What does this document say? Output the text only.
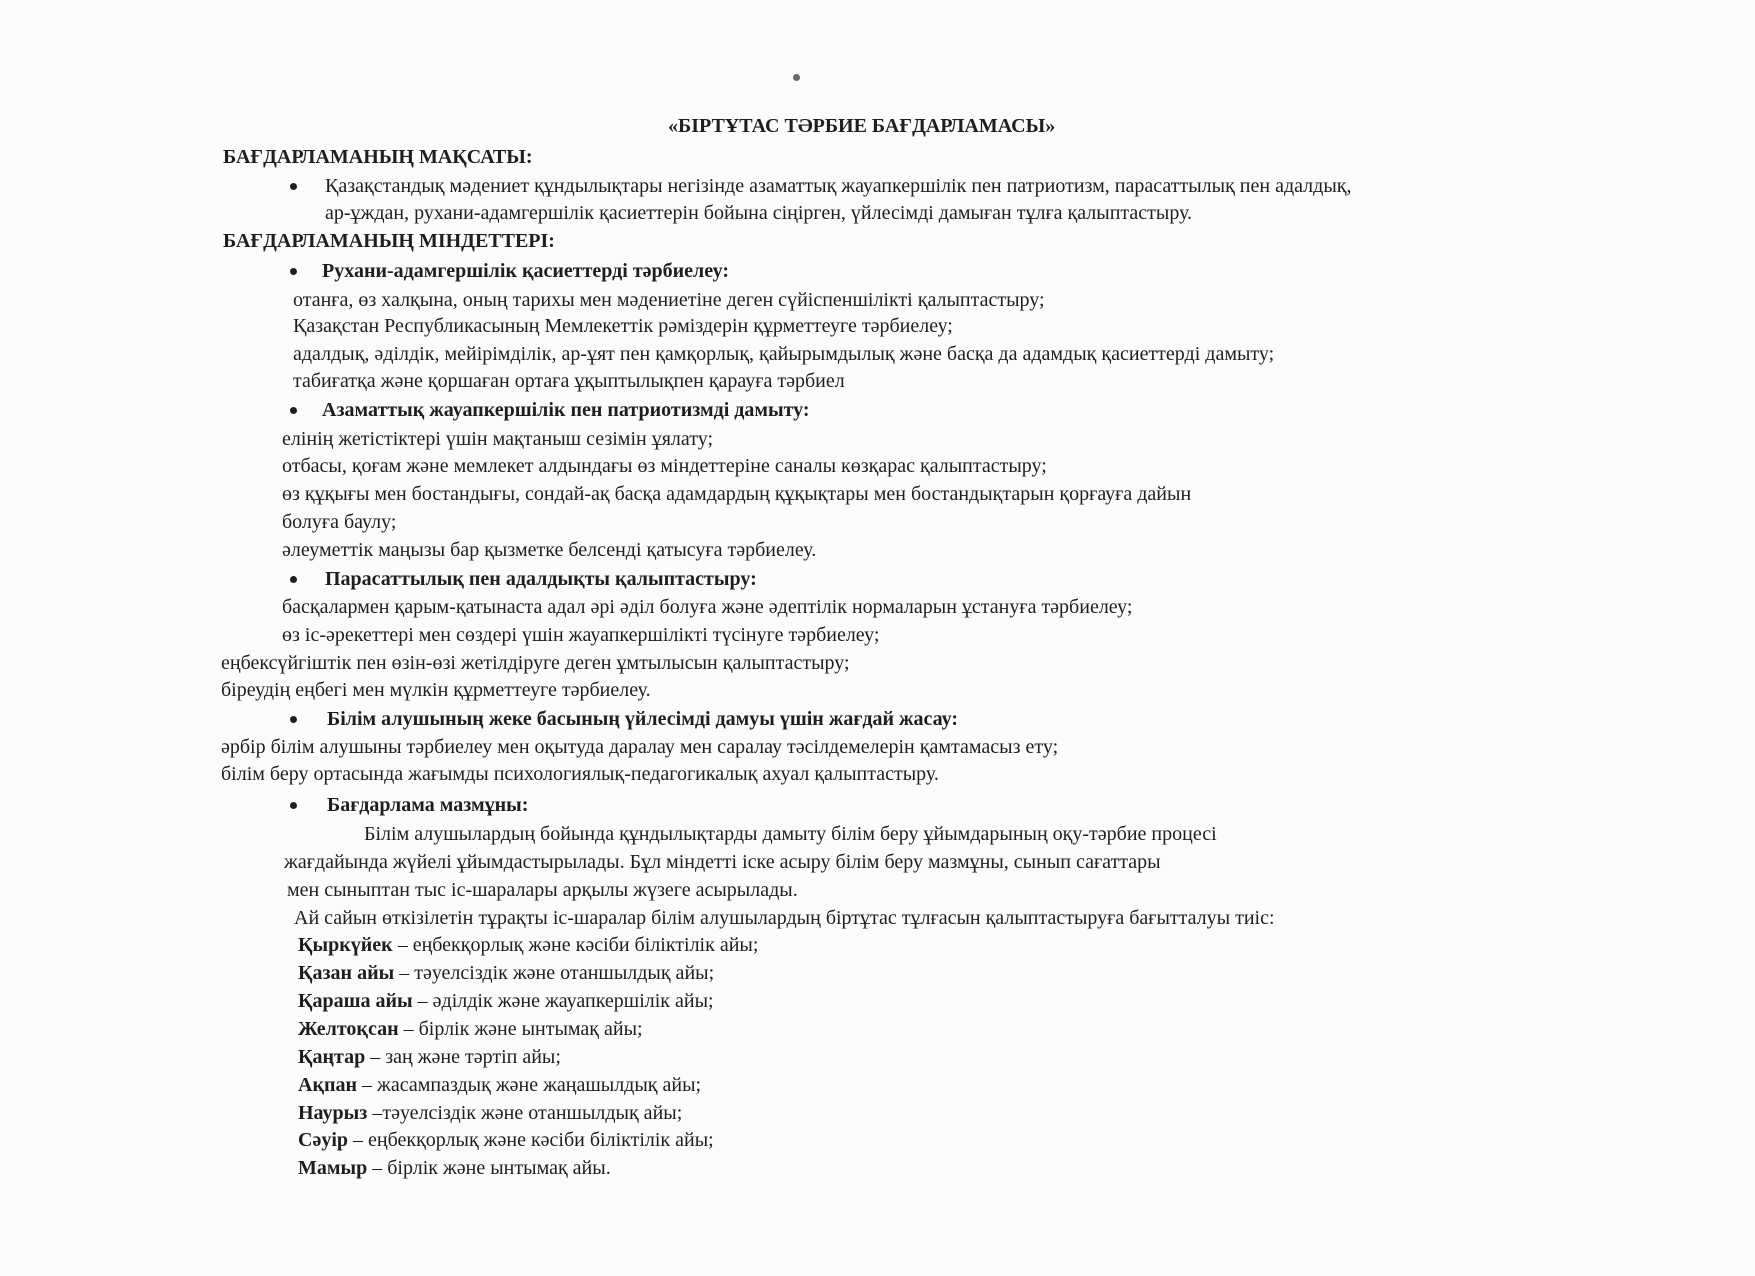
«БІРТҰТАС ТӘРБИЕ БАҒДАРЛАМАСЫ»
БАҒДАРЛАМАНЫҢ МАҚСАТЫ:
Қазақстандық мәдениет құндылықтары негізінде азаматтық жауапкершілік пен патриотизм, парасаттылық пен адалдық,
ар-ұждан, рухани-адамгершілік қасиеттерін бойына сіңірген, үйлесімді дамыған тұлға қалыптастыру.
БАҒДАРЛАМАНЫҢ МІНДЕТТЕРІ:
Рухани-адамгершілік қасиеттерді тәрбиелеу:
отанға, өз халқына, оның тарихы мен мәдениетіне деген сүйіспеншілікті қалыптастыру;
Қазақстан Республикасының Мемлекеттік рәміздерін құрметтеуге тәрбиелеу;
адалдық, әділдік, мейірімділік, ар-ұят пен қамқорлық, қайырымдылық және басқа да адамдық қасиеттерді дамыту;
табиғатқа және қоршаған ортаға ұқыптылықпен қарауға тәрбиел
Азаматтық жауапкершілік пен патриотизмді дамыту:
елінің жетістіктері үшін мақтаныш сезімін ұялату;
отбасы, қоғам және мемлекет алдындағы өз міндеттеріне саналы көзқарас қалыптастыру;
өз құқығы мен бостандығы, сондай-ақ басқа адамдардың құқықтары мен бостандықтарын қорғауға дайын
болуға баулу;
әлеуметтік маңызы бар қызметке белсенді қатысуға тәрбиелеу.
Парасаттылық пен адалдықты қалыптастыру:
басқалармен қарым-қатынаста адал әрі әділ болуға және әдептілік нормаларын ұстануға тәрбиелеу;
өз іс-әрекеттері мен сөздері үшін жауапкершілікті түсінуге тәрбиелеу;
еңбексүйгіштік пен өзін-өзі жетілдіруге деген ұмтылысын қалыптастыру;
біреудің еңбегі мен мүлкін құрметтеуге тәрбиелеу.
Білім алушының жеке басының үйлесімді дамуы үшін жағдай жасау:
әрбір білім алушыны тәрбиелеу мен оқытуда даралау мен саралау тәсілдемелерін қамтамасыз ету;
білім беру ортасында жағымды психологиялық-педагогикалық ахуал қалыптастыру.
Бағдарлама мазмұны:
Білім алушылардың бойында құндылықтарды дамыту білім беру ұйымдарының оқу-тәрбие процесі
жағдайында жүйелі ұйымдастырылады. Бұл міндетті іске асыру білім беру мазмұны, сынып сағаттары
мен сыныптан тыс іс-шаралары арқылы жүзеге асырылады.
Ай сайын өткізілетін тұрақты іс-шаралар білім алушылардың біртұтас тұлғасын қалыптастыруға бағытталуы тиіс:
Қыркүйек – еңбекқорлық және кәсіби біліктілік айы;
Қазан айы – тәуелсіздік және отаншылдық айы;
Қараша айы – әділдік және жауапкершілік айы;
Желтоқсан – бірлік және ынтымақ айы;
Қаңтар – заң және тәртіп айы;
Ақпан – жасампаздық және жаңашылдық айы;
Наурыз –тәуелсіздік және отаншылдық айы;
Сәуір – еңбекқорлық және кәсіби біліктілік айы;
Мамыр – бірлік және ынтымақ айы.
